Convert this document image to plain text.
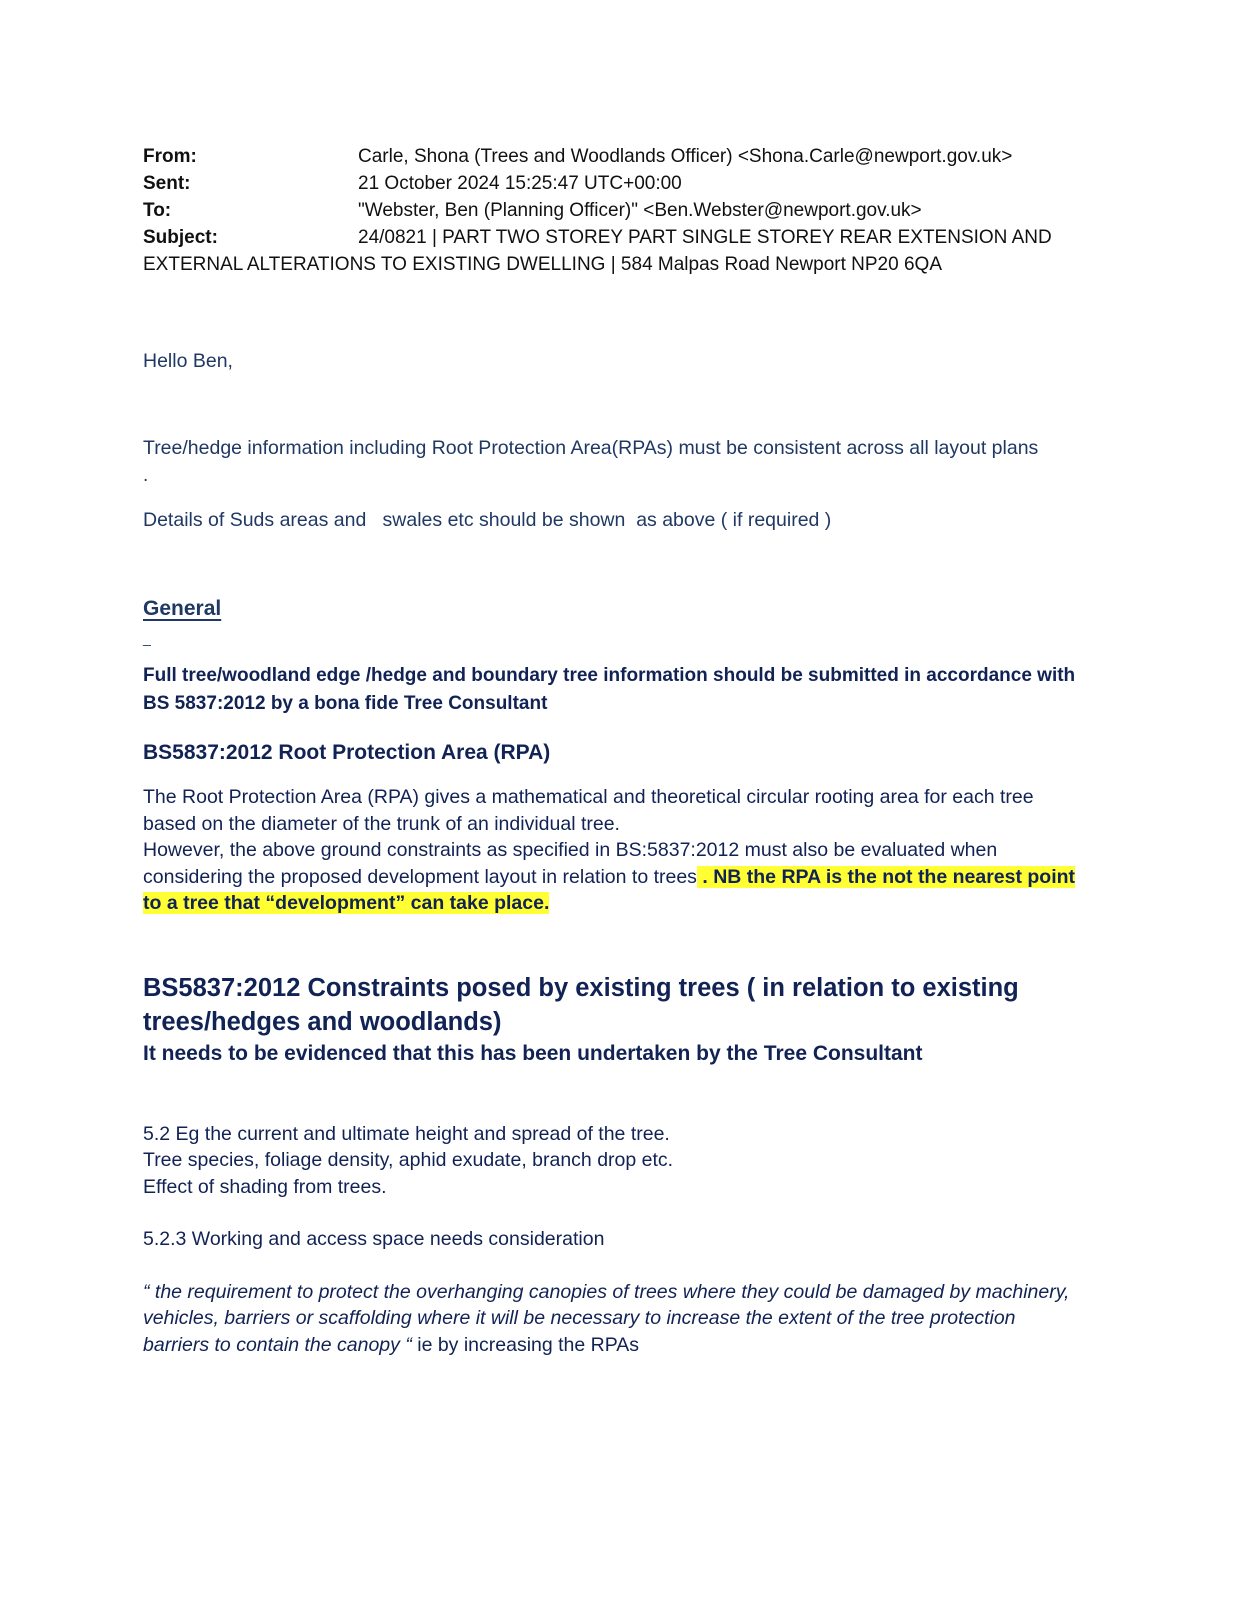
From:	Carle, Shona (Trees and Woodlands Officer) <Shona.Carle@newport.gov.uk>
Sent:	21 October 2024 15:25:47 UTC+00:00
To:	"Webster, Ben (Planning Officer)" <Ben.Webster@newport.gov.uk>
Subject:	24/0821 | PART TWO STOREY PART SINGLE STOREY REAR EXTENSION AND EXTERNAL ALTERATIONS TO EXISTING DWELLING | 584 Malpas Road Newport NP20 6QA

Hello Ben,

Tree/hedge information including Root Protection Area(RPAs) must be consistent across all layout plans

.

Details of Suds areas and   swales etc should be shown  as above ( if required )

General
_

Full tree/woodland edge /hedge and boundary tree information should be submitted in accordance with BS 5837:2012 by a bona fide Tree Consultant

BS5837:2012 Root Protection Area (RPA)
The Root Protection Area (RPA) gives a mathematical and theoretical circular rooting area for each tree based on the diameter of the trunk of an individual tree.
However, the above ground constraints as specified in BS:5837:2012 must also be evaluated when considering the proposed development layout in relation to trees . NB the RPA is the not the nearest point to a tree that “development” can take place.
BS5837:2012 Constraints posed by existing trees ( in relation to existing trees/hedges and woodlands)
It needs to be evidenced that this has been undertaken by the Tree Consultant
5.2 Eg the current and ultimate height and spread of the tree.
Tree species, foliage density, aphid exudate, branch drop etc.
Effect of shading from trees.
5.2.3 Working and access space needs consideration
“ the requirement to protect the overhanging canopies of trees where they could be damaged by machinery, vehicles, barriers or scaffolding where it will be necessary to increase the extent of the tree protection barriers to contain the canopy “ ie by increasing the RPAs
